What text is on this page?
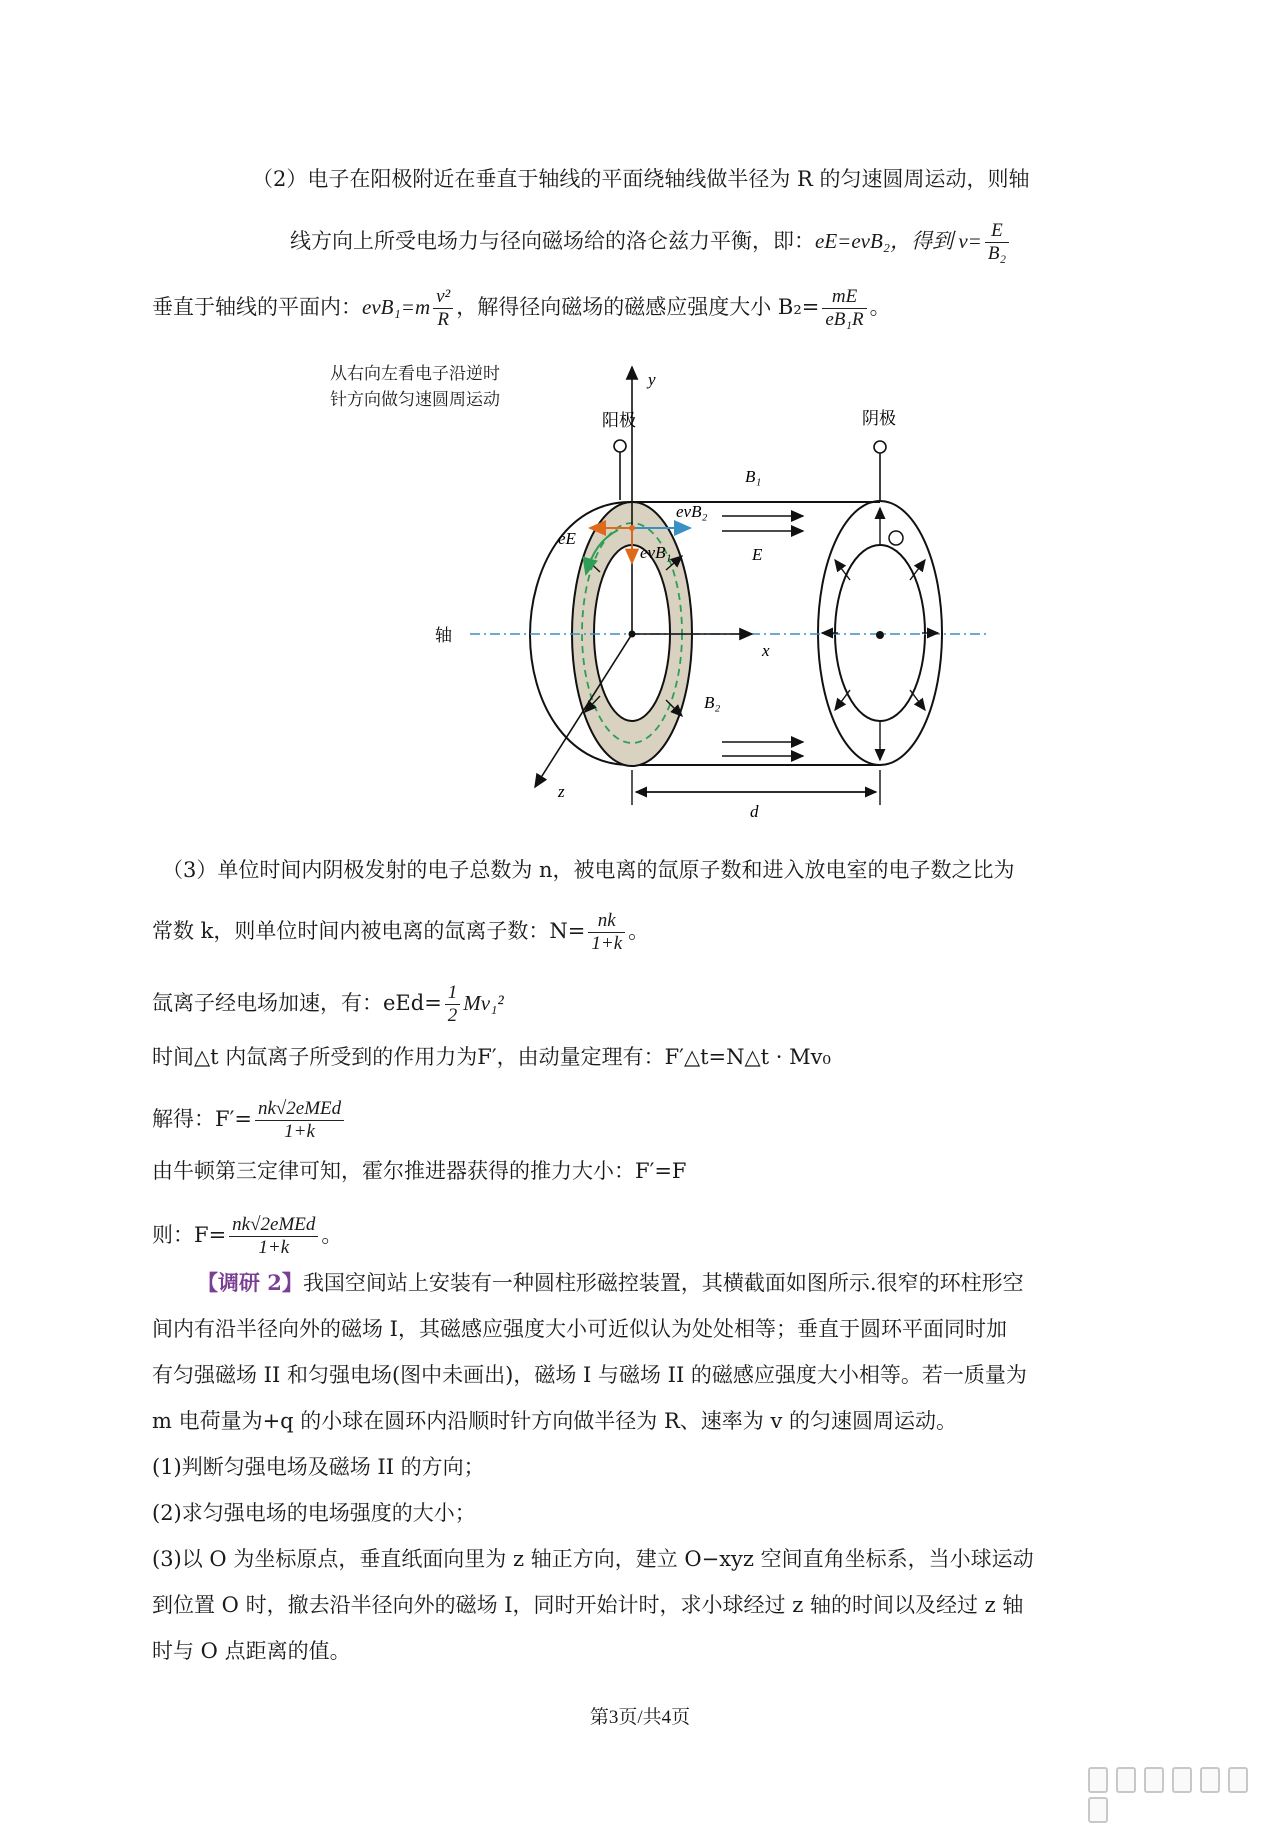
（2）电子在阳极附近在垂直于轴线的平面绕轴线做半径为 R 的匀速圆周运动，则轴
线方向上所受电场力与径向磁场给的洛仑兹力平衡，即：eE=evB₂，得到 $v= \frac{E}{\text{B₂}}$
垂直于轴线的平面内：$evB_1=m \frac{\text{v²}}{R}$ ，解得径向磁场的磁感应强度大小 $B_2= \frac{mE}{\text{eB₁R}}$ 。
从右向左看电子沿逆时
针方向做匀速圆周运动
阳极	阴极
轴
y
x
z
d
B₁
E
B₂
eE
evB₂
evB₁
（3）单位时间内阴极发射的电子总数为 n，被电离的氙原子数和进入放电室的电子数之比为
常数 k，则单位时间内被电离的氙离子数：$N= \frac{nk}{1+k}$ 。
氙离子经电场加速，有：$eEd= \frac{1}{2} Mv_1^2$
时间△t 内氙离子所受到的作用力为F′，由动量定理有：F′△t=N△t · Mv₀
解得：$F'= \frac{\text{nk√2eMEd}}{1+k}$
由牛顿第三定律可知，霍尔推进器获得的推力大小：F′=F
则：$F= \frac{\text{nk√2eMEd}}{1+k}$ 。
【调研 2】我国空间站上安装有一种圆柱形磁控装置，其横截面如图所示.很窄的环柱形空
间内有沿半径向外的磁场 I，其磁感应强度大小可近似认为处处相等；垂直于圆环平面同时加
有匀强磁场 II 和匀强电场(图中未画出)，磁场 I 与磁场 II 的磁感应强度大小相等。若一质量为
m 电荷量为+q 的小球在圆环内沿顺时针方向做半径为 R、速率为 v 的匀速圆周运动。
(1)判断匀强电场及磁场 II 的方向；
(2)求匀强电场的电场强度的大小；
(3)以 O 为坐标原点，垂直纸面向里为 z 轴正方向，建立 O−xyz 空间直角坐标系，当小球运动
到位置 O 时，撤去沿半径向外的磁场 I，同时开始计时，求小球经过 z 轴的时间以及经过 z 轴
时与 O 点距离的值。
第3页/共4页
